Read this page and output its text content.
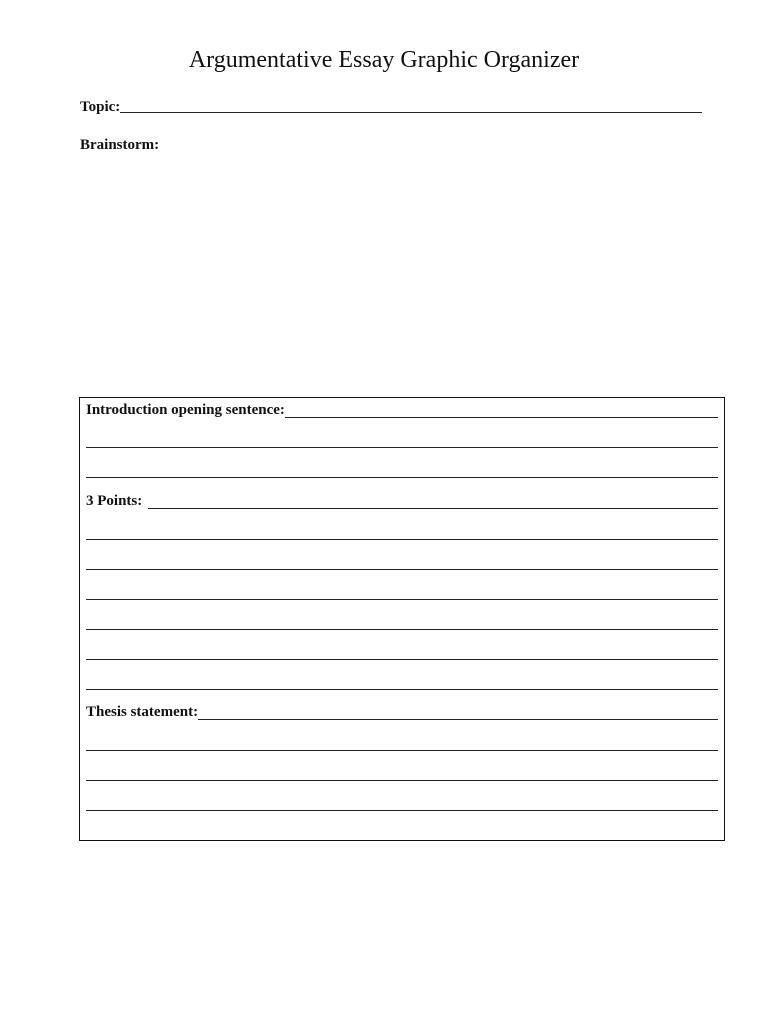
Argumentative Essay Graphic Organizer
Topic:
Brainstorm:
Introduction opening sentence:
3 Points:
Thesis statement:
